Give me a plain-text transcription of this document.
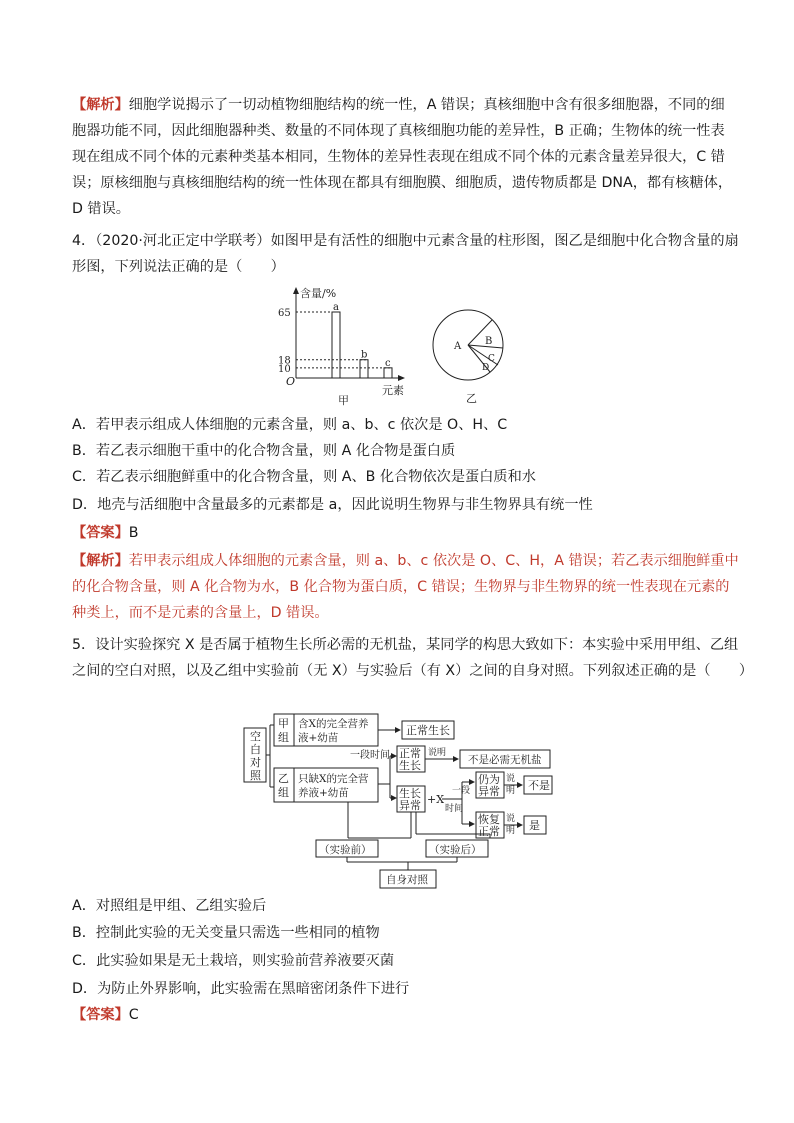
【解析】细胞学说揭示了一切动植物细胞结构的统一性，A 错误；真核细胞中含有很多细胞器，不同的细
胞器功能不同，因此细胞器种类、数量的不同体现了真核细胞功能的差异性，B 正确；生物体的统一性表
现在组成不同个体的元素种类基本相同，生物体的差异性表现在组成不同个体的元素含量差异很大，C 错
误；原核细胞与真核细胞结构的统一性体现在都具有细胞膜、细胞质，遗传物质都是 DNA，都有核糖体，
D 错误。
4．（2020·河北正定中学联考）如图甲是有活性的细胞中元素含量的柱形图，图乙是细胞中化合物含量的扇
形图，下列说法正确的是（　　）
含量/%
元素
O
甲
a
b
c
65
18
10
A B
C
D
乙
A．若甲表示组成人体细胞的元素含量，则 a、b、c 依次是 O、H、C
B．若乙表示细胞干重中的化合物含量，则 A 化合物是蛋白质
C．若乙表示细胞鲜重中的化合物含量，则 A、B 化合物依次是蛋白质和水
D．地壳与活细胞中含量最多的元素都是 a，因此说明生物界与非生物界具有统一性
【答案】B
【解析】若甲表示组成人体细胞的元素含量，则 a、b、c 依次是 O、C、H，A 错误；若乙表示细胞鲜重中
的化合物含量，则 A 化合物为水，B 化合物为蛋白质，C 错误；生物界与非生物界的统一性表现在元素的
种类上，而不是元素的含量上，D 错误。
5．设计实验探究 X 是否属于植物生长所必需的无机盐，某同学的构思大致如下：本实验中采用甲组、乙组
之间的空白对照，以及乙组中实验前（无 X）与实验后（有 X）之间的自身对照。下列叙述正确的是（　　）
空
白
对
照
甲
组
含X的完全营养
液+幼苗
正常生长
一段时间
乙
组
只缺X的完全营
养液+幼苗
正常
生长
说明
不是必需无机盐
生长
异常 +X
一段
时间
仍为
异常
说
明 不是
恢复
正常
说
明 是
（实验前）	（实验后）
自身对照
A．对照组是甲组、乙组实验后
B．控制此实验的无关变量只需选一些相同的植物
C．此实验如果是无土栽培，则实验前营养液要灭菌
D．为防止外界影响，此实验需在黑暗密闭条件下进行
【答案】C
